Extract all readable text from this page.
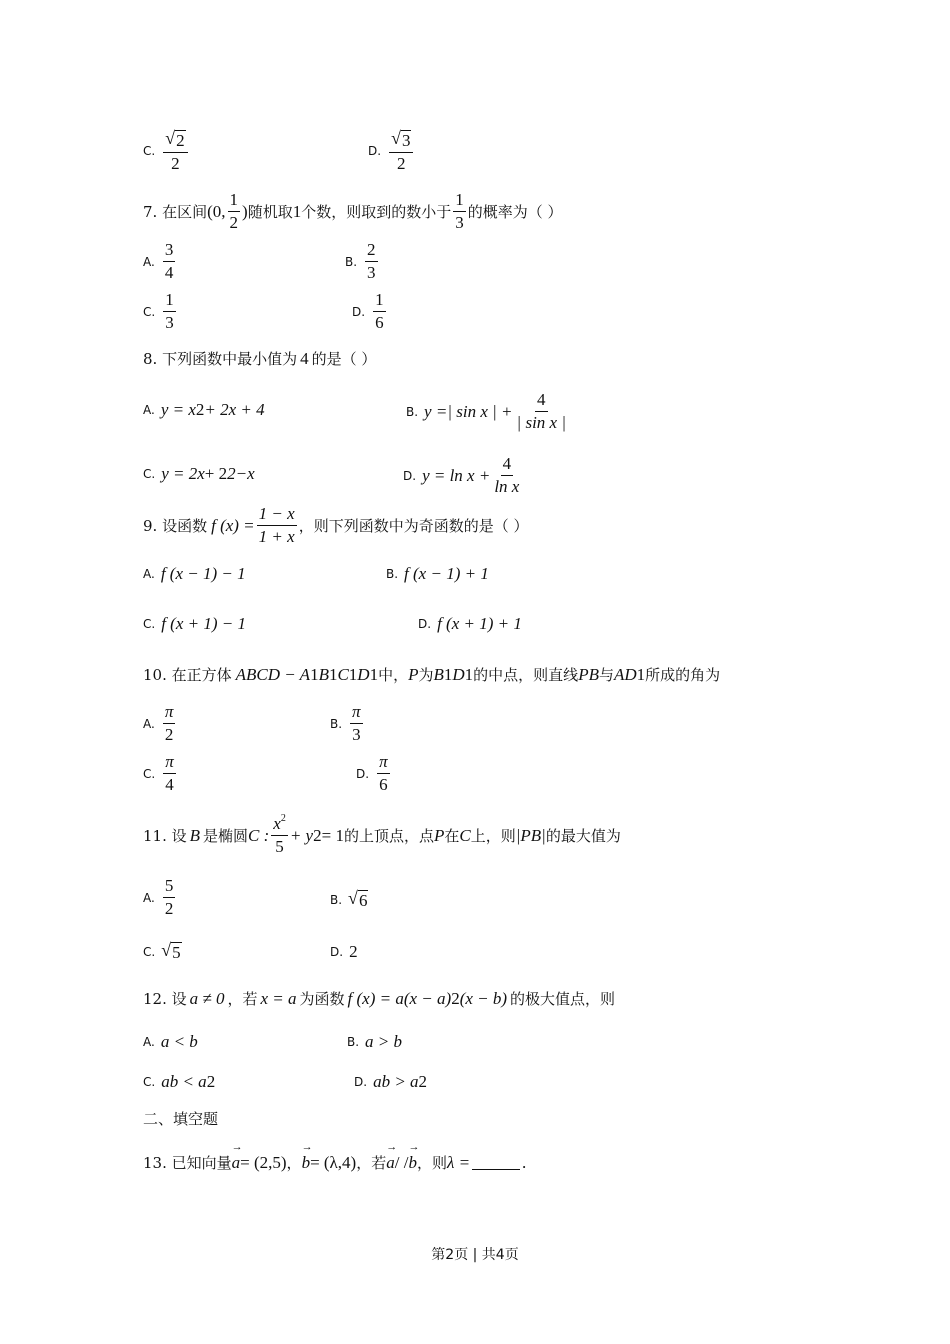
C. $\frac{√ 2}{2}$	D. $\frac{√ 3}{2}$
7. 在区间 (0, $\frac{1}{2}$ ) 随机取 1 个数，则取到的数小于 $\frac{1}{3}$ 的概率为（ ）
A. $\frac{3}{4}$	B. $\frac{2}{3}$
C. $\frac{1}{3}$	D. $\frac{1}{6}$
8. 下列函数中最小值为 4 的是（ ）
A. y = x 2 + 2x + 4	B. y =| sin x | + $\frac{4}{\text{| sin x |}}$
C. y = 2 x + 2 2−x	D. $y = \ln x + \frac{4}{\text{ln x}}$
9. 设函数 f $(x) = \frac{1 - x}{1 + x}$ ，则下列函数中为奇函数的是（ ）
A. f (x − 1) − 1	B. f (x − 1) + 1
C. f (x + 1) − 1	D. f (x + 1) + 1
10. 在正方体 ABCD − A 1 B 1 C 1 D 1 中， P 为 B 1 D 1 的中点，则直线 PB 与 AD 1 所成的角为
A. $\frac{\pi}{2}$	B. $\frac{\pi}{3}$
C. $\frac{\pi}{4}$	D. $\frac{\pi}{6}$
11. 设 B 是椭圆 C : $\frac{x^2}{5} + y$ 2 = 1 的上顶点，点 P 在 C 上，则 |PB| 的最大值为
A. $\frac{5}{2}$	B. √ 6
C. √ 5	D. 2
12. 设 a ≠ 0 ，若 x = a 为函数 f (x) = a(x − a) 2 (x − b) 的极大值点，则
A. a < b	B. a > b
C. ab < a 2	D. ab > a 2
二、填空题
13. 已知向量 → a = (2,5) ， → b = (λ,4) ，若 → a / / → b ，则 λ =	.
第2页 | 共4页
